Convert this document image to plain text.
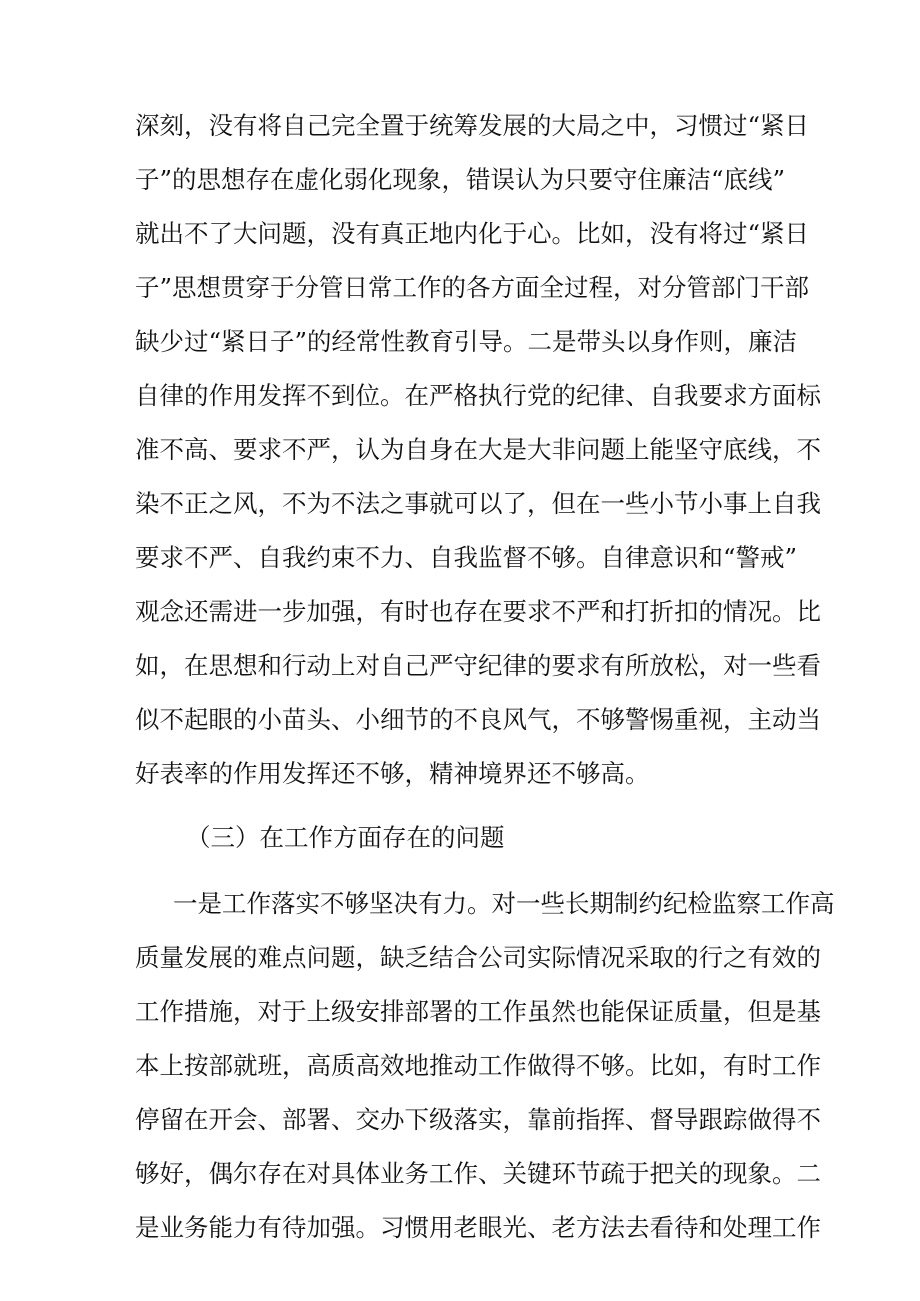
深刻，没有将自己完全置于统筹发展的大局之中，习惯过“紧日
子”的思想存在虚化弱化现象，错误认为只要守住廉洁“底线”
就出不了大问题，没有真正地内化于心。比如，没有将过“紧日
子”思想贯穿于分管日常工作的各方面全过程，对分管部门干部
缺少过“紧日子”的经常性教育引导。二是带头以身作则，廉洁
自律的作用发挥不到位。在严格执行党的纪律、自我要求方面标
准不高、要求不严，认为自身在大是大非问题上能坚守底线，不
染不正之风，不为不法之事就可以了，但在一些小节小事上自我
要求不严、自我约束不力、自我监督不够。自律意识和“警戒”
观念还需进一步加强，有时也存在要求不严和打折扣的情况。比
如，在思想和行动上对自己严守纪律的要求有所放松，对一些看
似不起眼的小苗头、小细节的不良风气，不够警惕重视，主动当
好表率的作用发挥还不够，精神境界还不够高。
（三）在工作方面存在的问题
一是工作落实不够坚决有力。对一些长期制约纪检监察工作高
质量发展的难点问题，缺乏结合公司实际情况采取的行之有效的
工作措施，对于上级安排部署的工作虽然也能保证质量，但是基
本上按部就班，高质高效地推动工作做得不够。比如，有时工作
停留在开会、部署、交办下级落实，靠前指挥、督导跟踪做得不
够好，偶尔存在对具体业务工作、关键环节疏于把关的现象。二
是业务能力有待加强。习惯用老眼光、老方法去看待和处理工作
